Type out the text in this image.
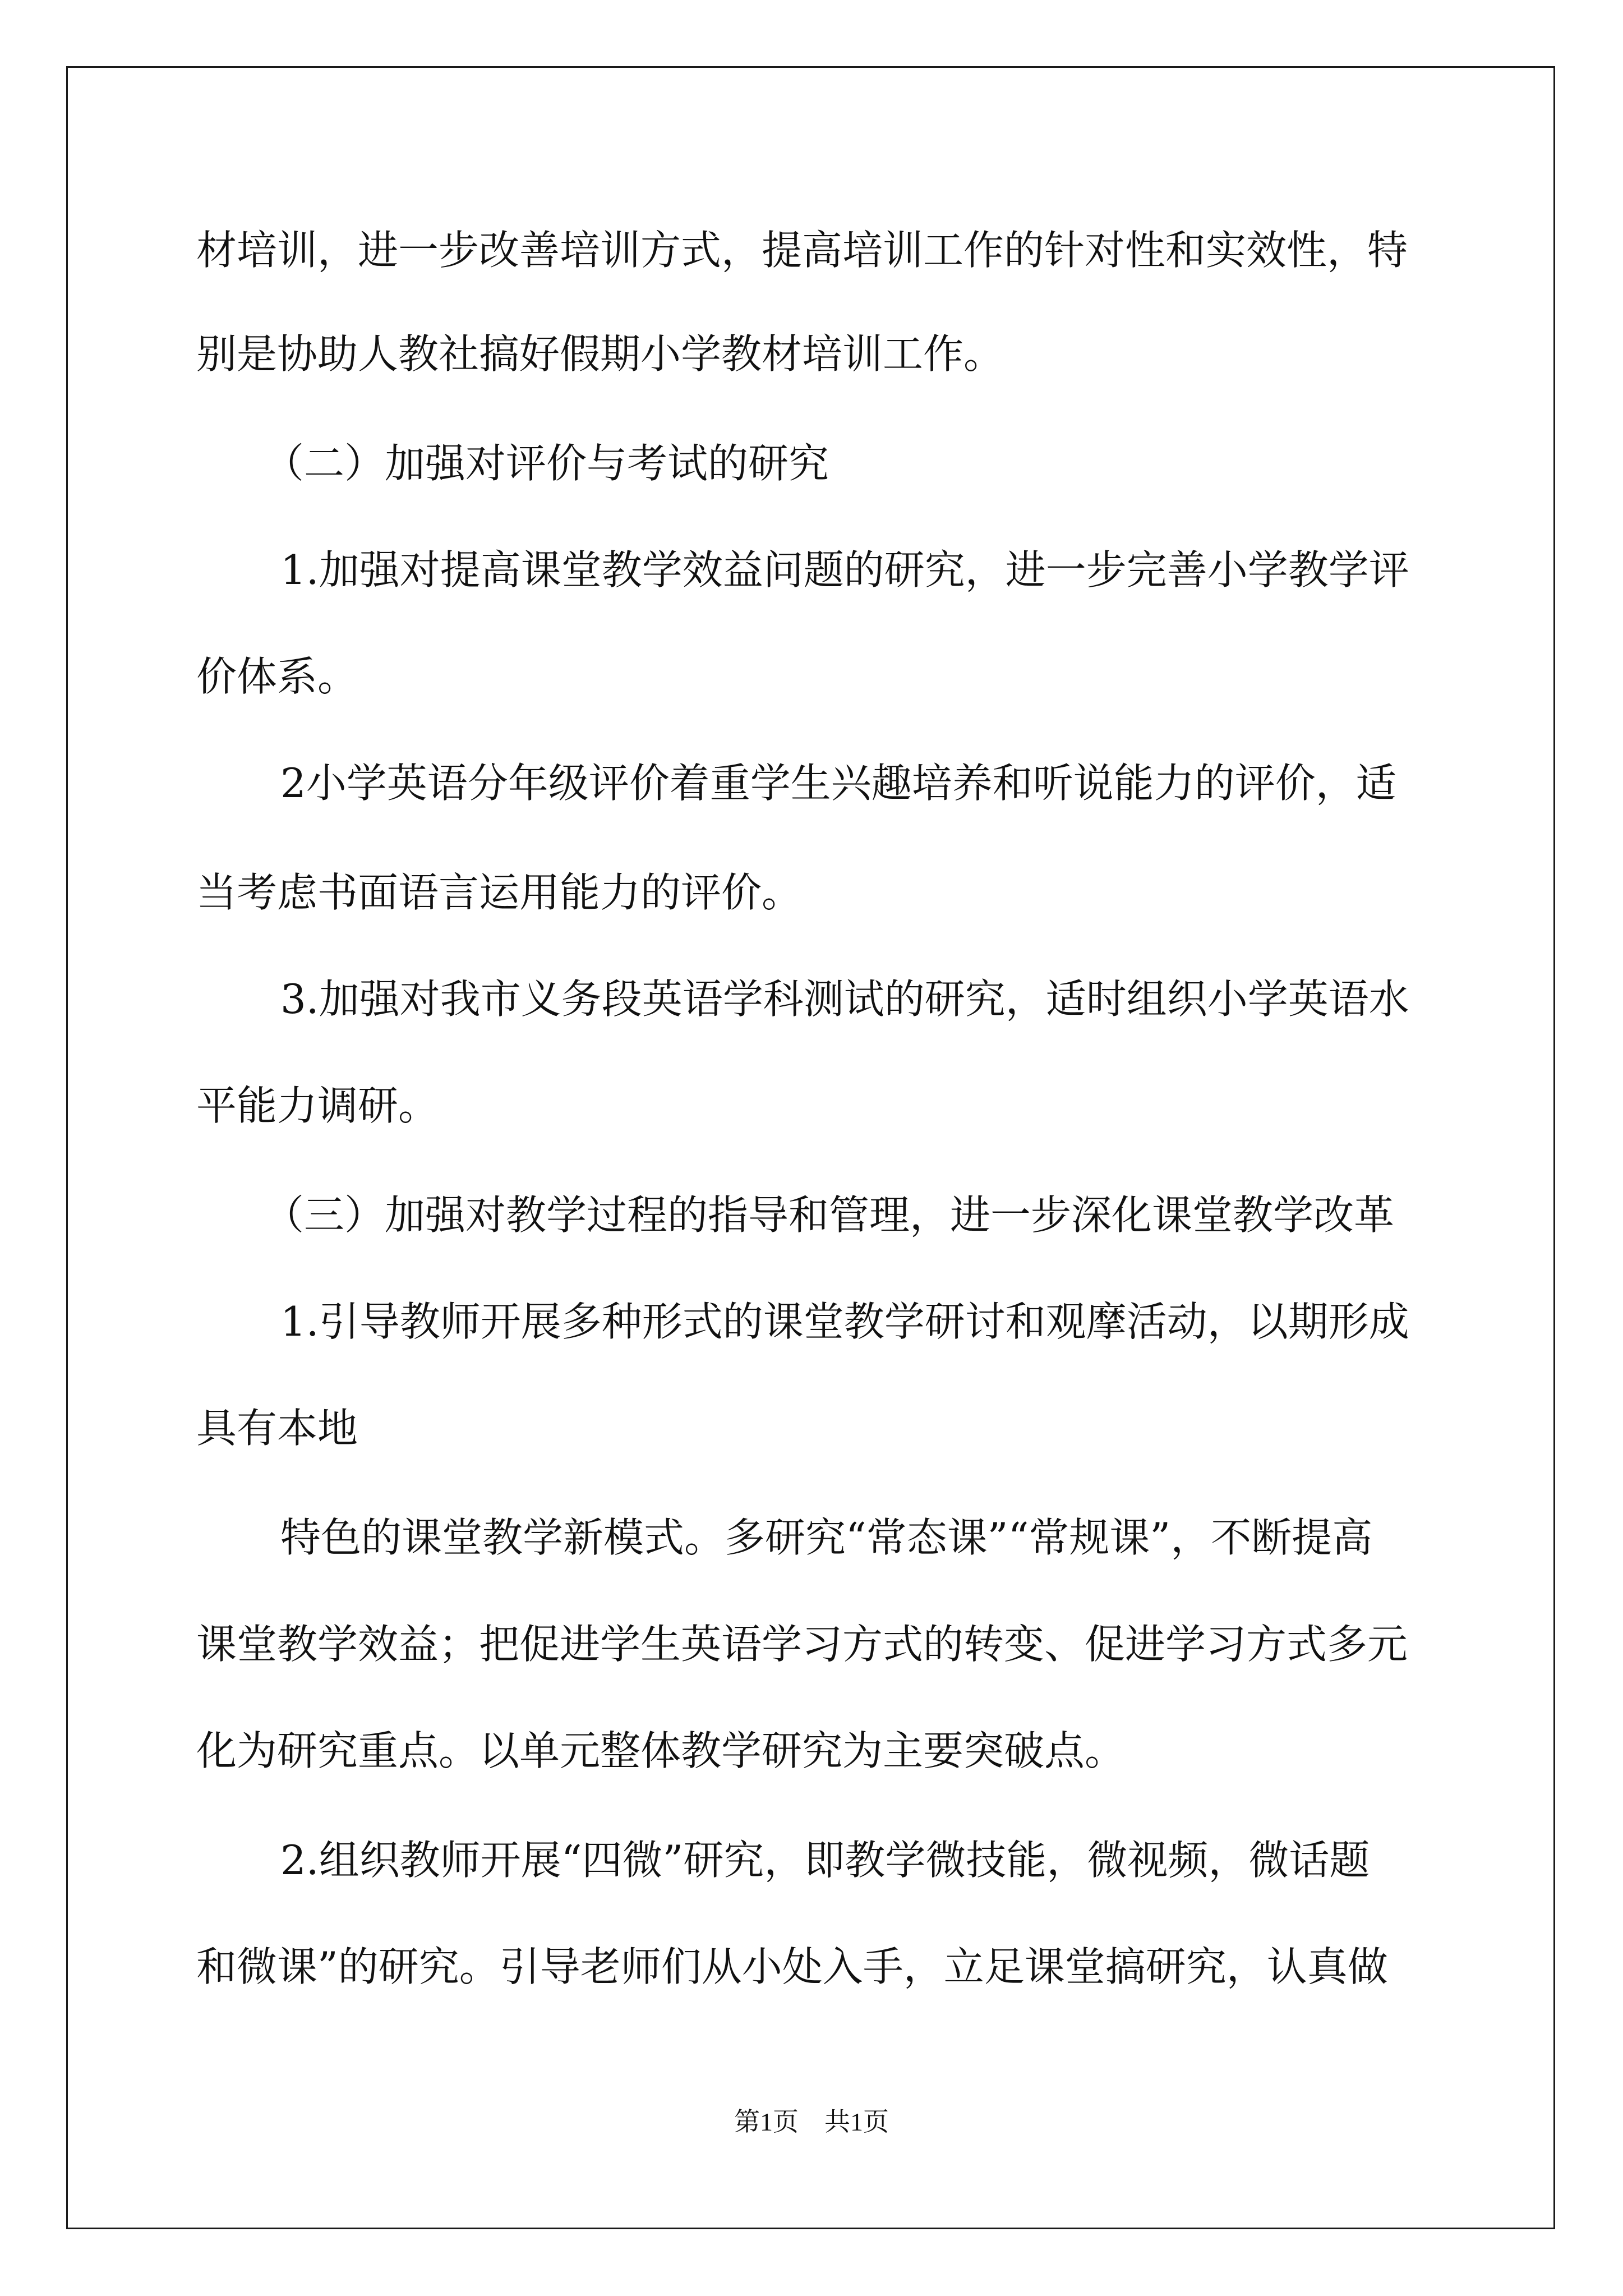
材培训，进一步改善培训方式，提高培训工作的针对性和实效性，特
别是协助人教社搞好假期小学教材培训工作。
（二）加强对评价与考试的研究
1.加强对提高课堂教学效益问题的研究，进一步完善小学教学评
价体系。
2小学英语分年级评价着重学生兴趣培养和听说能力的评价，适
当考虑书面语言运用能力的评价。
3.加强对我市义务段英语学科测试的研究，适时组织小学英语水
平能力调研。
（三）加强对教学过程的指导和管理，进一步深化课堂教学改革
1.引导教师开展多种形式的课堂教学研讨和观摩活动，以期形成
具有本地
特色的课堂教学新模式。多研究“常态课”“常规课”，不断提高
课堂教学效益；把促进学生英语学习方式的转变、促进学习方式多元
化为研究重点。以单元整体教学研究为主要突破点。
2.组织教师开展“四微”研究，即教学微技能，微视频，微话题
和微课”的研究。引导老师们从小处入手，立足课堂搞研究，认真做
第1页　共1页
